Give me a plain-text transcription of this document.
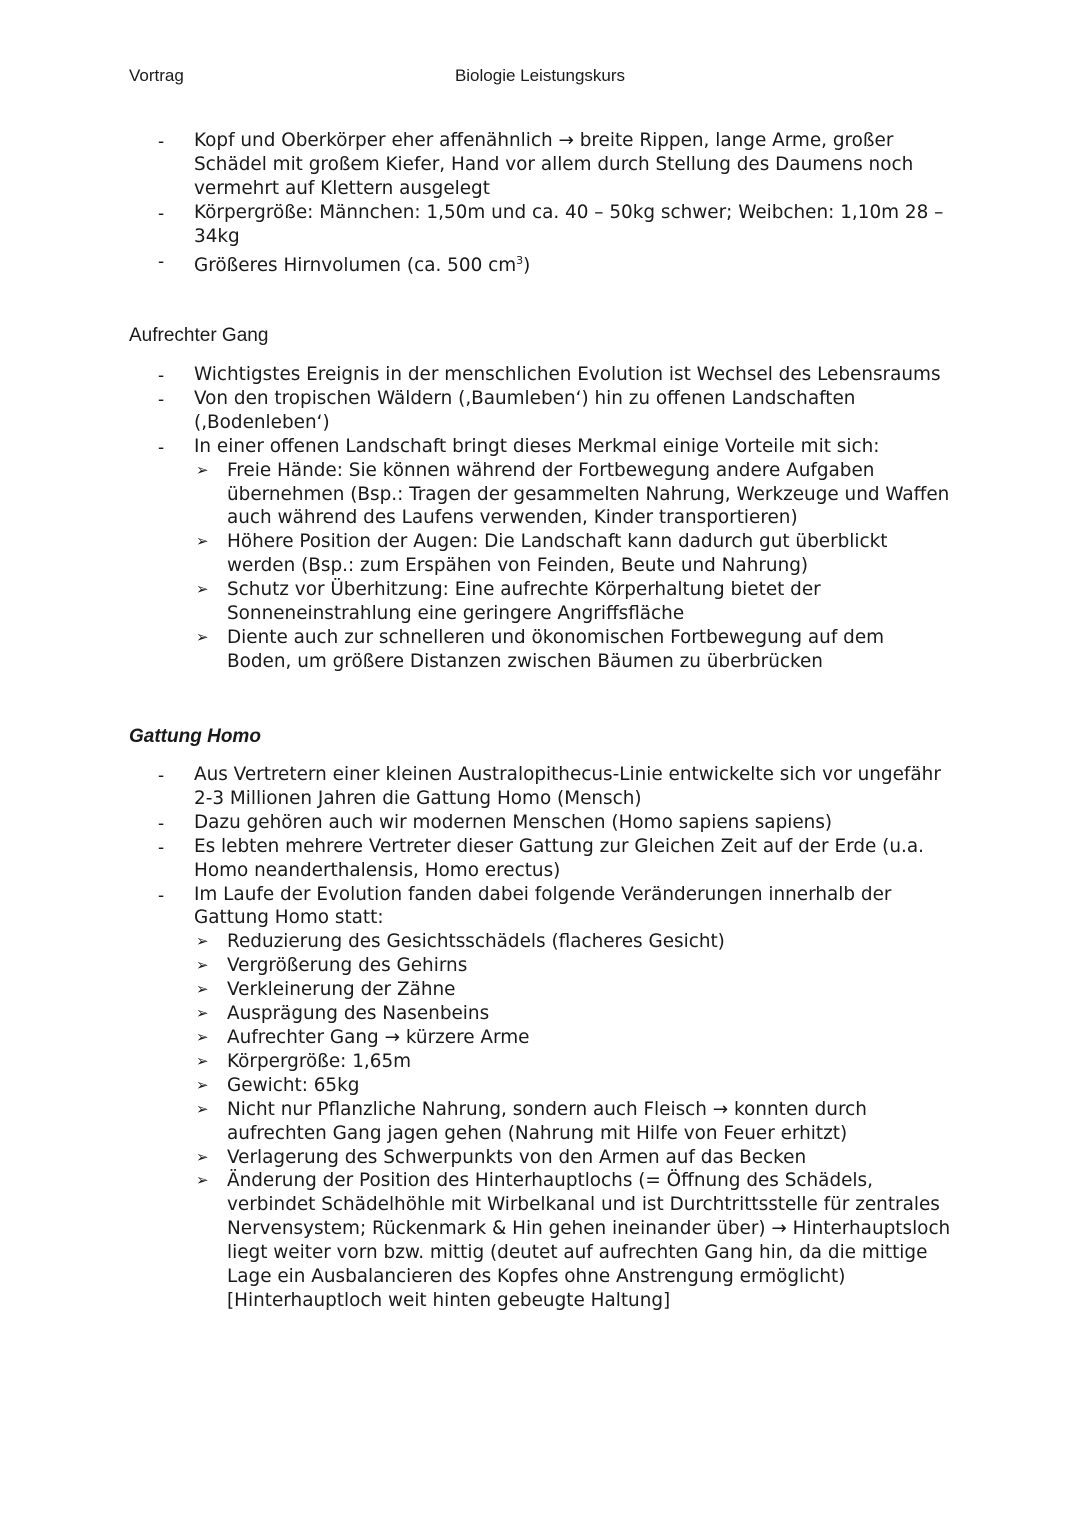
Vortrag	Biologie Leistungskurs
- Kopf und Oberkörper eher affenähnlich → breite Rippen, lange Arme, großer Schädel mit großem Kiefer, Hand vor allem durch Stellung des Daumens noch vermehrt auf Klettern ausgelegt
- Körpergröße: Männchen: 1,50m und ca. 40 – 50kg schwer; Weibchen: 1,10m 28 – 34kg
- Größeres Hirnvolumen (ca. 500 $cm^3$)
Aufrechter Gang
- Wichtigstes Ereignis in der menschlichen Evolution ist Wechsel des Lebensraums
- Von den tropischen Wäldern (‚Baumleben‘) hin zu offenen Landschaften (‚Bodenleben‘)
- In einer offenen Landschaft bringt dieses Merkmal einige Vorteile mit sich:
➢ Freie Hände: Sie können während der Fortbewegung andere Aufgaben übernehmen (Bsp.: Tragen der gesammelten Nahrung, Werkzeuge und Waffen auch während des Laufens verwenden, Kinder transportieren)
➢ Höhere Position der Augen: Die Landschaft kann dadurch gut überblickt werden (Bsp.: zum Erspähen von Feinden, Beute und Nahrung)
➢ Schutz vor Überhitzung: Eine aufrechte Körperhaltung bietet der Sonneneinstrahlung eine geringere Angriffsfläche
➢ Diente auch zur schnelleren und ökonomischen Fortbewegung auf dem Boden, um größere Distanzen zwischen Bäumen zu überbrücken
Gattung Homo
- Aus Vertretern einer kleinen Australopithecus-Linie entwickelte sich vor ungefähr 2-3 Millionen Jahren die Gattung Homo (Mensch)
- Dazu gehören auch wir modernen Menschen (Homo sapiens sapiens)
- Es lebten mehrere Vertreter dieser Gattung zur Gleichen Zeit auf der Erde (u.a. Homo neanderthalensis, Homo erectus)
- Im Laufe der Evolution fanden dabei folgende Veränderungen innerhalb der Gattung Homo statt:
➢ Reduzierung des Gesichtsschädels (flacheres Gesicht)
➢ Vergrößerung des Gehirns
➢ Verkleinerung der Zähne
➢ Ausprägung des Nasenbeins
➢ Aufrechter Gang → kürzere Arme
➢ Körpergröße: 1,65m
➢ Gewicht: 65kg
➢ Nicht nur Pflanzliche Nahrung, sondern auch Fleisch → konnten durch aufrechten Gang jagen gehen (Nahrung mit Hilfe von Feuer erhitzt)
➢ Verlagerung des Schwerpunkts von den Armen auf das Becken
➢ Änderung der Position des Hinterhauptlochs (= Öffnung des Schädels, verbindet Schädelhöhle mit Wirbelkanal und ist Durchtrittsstelle für zentrales Nervensystem; Rückenmark & Hin gehen ineinander über) → Hinterhauptsloch liegt weiter vorn bzw. mittig (deutet auf aufrechten Gang hin, da die mittige Lage ein Ausbalancieren des Kopfes ohne Anstrengung ermöglicht) [Hinterhauptloch weit hinten gebeugte Haltung]
